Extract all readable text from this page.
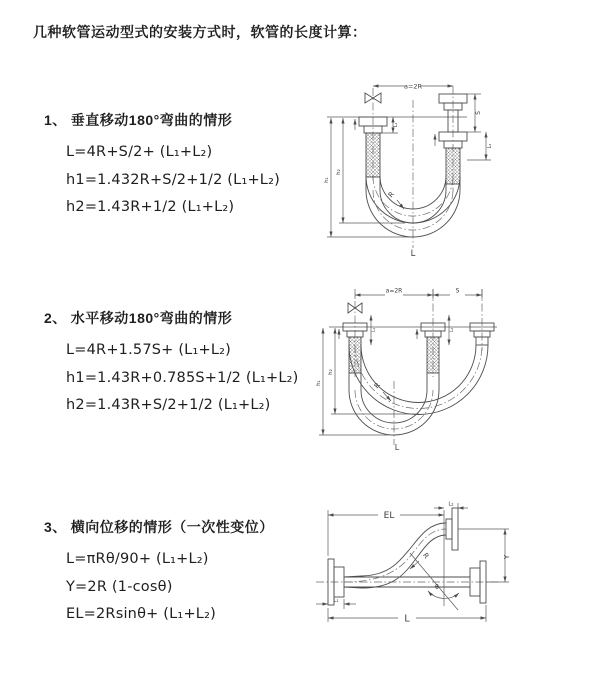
几种软管运动型式的安装方式时，软管的长度计算：
1、 垂直移动180°弯曲的情形
L=4R+S/2+ (L₁+L₂)
h1=1.432R+S/2+1/2 (L₁+L₂)
h2=1.43R+1/2 (L₁+L₂)
2、 水平移动180°弯曲的情形
L=4R+1.57S+ (L₁+L₂)
h1=1.43R+0.785S+1/2 (L₁+L₂)
h2=1.43R+S/2+1/2 (L₁+L₂)
3、 横向位移的情形（一次性变位）
L=πRθ/90+ (L₁+L₂)
Y=2R (1-cosθ)
EL=2Rsinθ+ (L₁+L₂)
a=2R
h₁
h₂
L₁
S
L₂
R
L
a=2R	S
L₁	L₂
h₁
h₂
R
L
EL
L₂
Y
L
L₁
R
θ
